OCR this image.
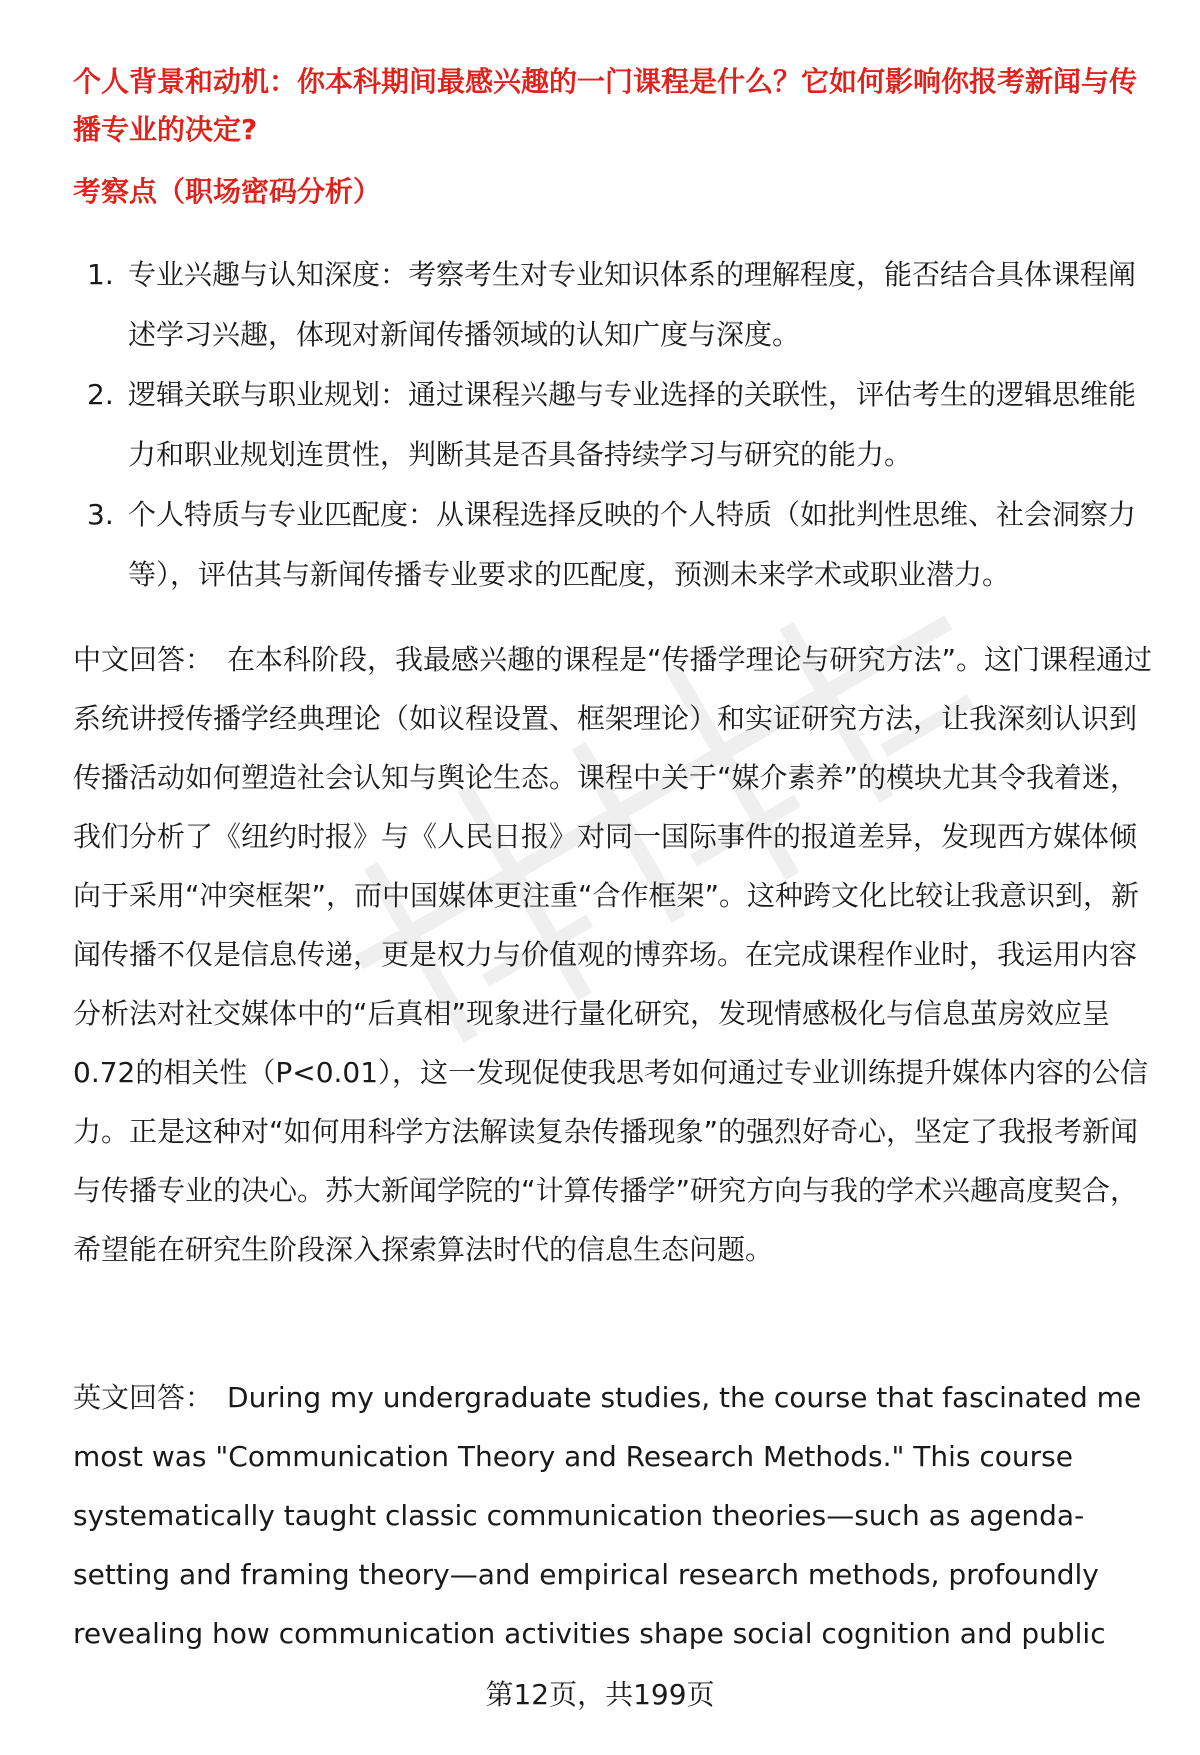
个人背景和动机：你本科期间最感兴趣的一门课程是什么？它如何影响你报考新闻与传播专业的决定?
考察点（职场密码分析）
1. 专业兴趣与认知深度：考察考生对专业知识体系的理解程度，能否结合具体课程阐述学习兴趣，体现对新闻传播领域的认知广度与深度。
2. 逻辑关联与职业规划：通过课程兴趣与专业选择的关联性，评估考生的逻辑思维能力和职业规划连贯性，判断其是否具备持续学习与研究的能力。
3. 个人特质与专业匹配度：从课程选择反映的个人特质（如批判性思维、社会洞察力等），评估其与新闻传播专业要求的匹配度，预测未来学术或职业潜力。
中文回答： 在本科阶段，我最感兴趣的课程是“传播学理论与研究方法”。这门课程通过系统讲授传播学经典理论（如议程设置、框架理论）和实证研究方法，让我深刻认识到传播活动如何塑造社会认知与舆论生态。课程中关于“媒介素养”的模块尤其令我着迷，我们分析了《纽约时报》与《人民日报》对同一国际事件的报道差异，发现西方媒体倾向于采用“冲突框架”，而中国媒体更注重“合作框架”。这种跨文化比较让我意识到，新闻传播不仅是信息传递，更是权力与价值观的博弈场。在完成课程作业时，我运用内容分析法对社交媒体中的“后真相”现象进行量化研究，发现情感极化与信息茧房效应呈0.72的相关性（P<0.01），这一发现促使我思考如何通过专业训练提升媒体内容的公信力。正是这种对“如何用科学方法解读复杂传播现象”的强烈好奇心，坚定了我报考新闻与传播专业的决心。苏大新闻学院的“计算传播学”研究方向与我的学术兴趣高度契合，希望能在研究生阶段深入探索算法时代的信息生态问题。
英文回答： During my undergraduate studies, the course that fascinated me most was "Communication Theory and Research Methods." This course systematically taught classic communication theories—such as agenda-setting and framing theory—and empirical research methods, profoundly revealing how communication activities shape social cognition and public
第12页，共199页
